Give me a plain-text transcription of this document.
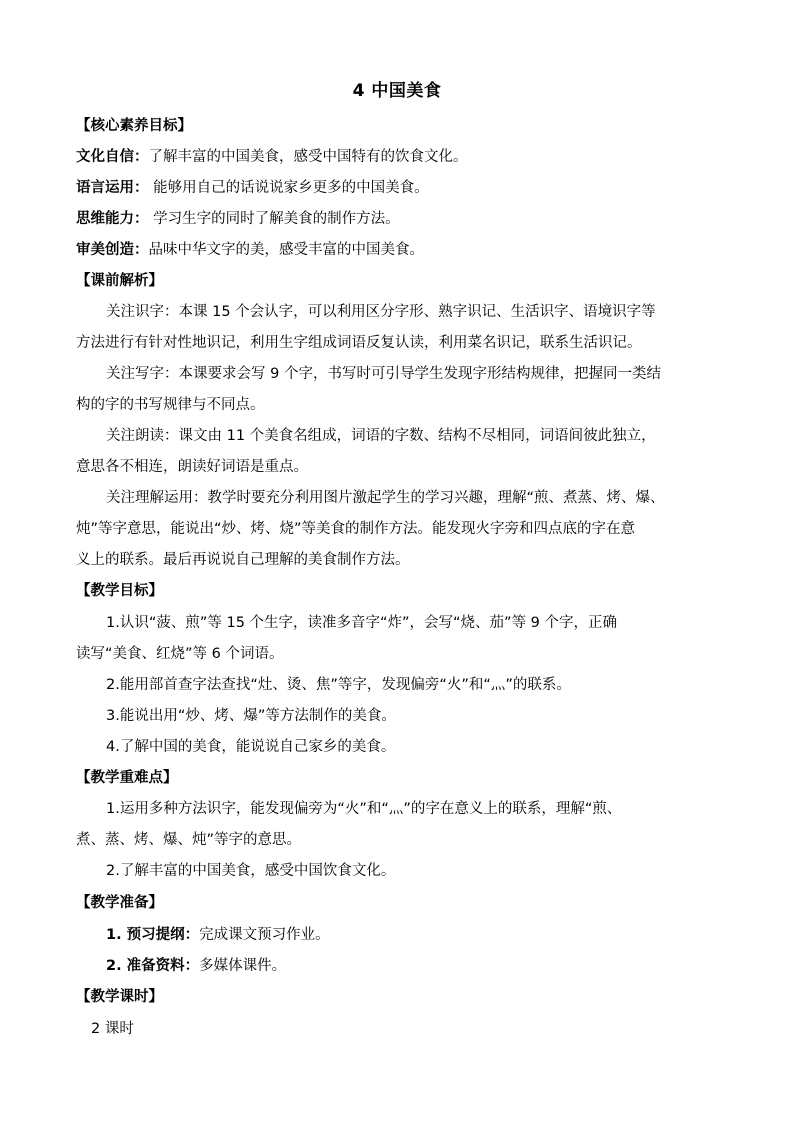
4 中国美食
【核心素养目标】
文化自信：了解丰富的中国美食，感受中国特有的饮食文化。
语言运用： 能够用自己的话说说家乡更多的中国美食。
思维能力： 学习生字的同时了解美食的制作方法。
审美创造：品味中华文字的美，感受丰富的中国美食。
【课前解析】
关注识字：本课 15 个会认字，可以利用区分字形、熟字识记、生活识字、语境识字等
方法进行有针对性地识记，利用生字组成词语反复认读，利用菜名识记，联系生活识记。
关注写字：本课要求会写 9 个字，书写时可引导学生发现字形结构规律，把握同一类结
构的字的书写规律与不同点。
关注朗读：课文由 11 个美食名组成，词语的字数、结构不尽相同，词语间彼此独立，
意思各不相连，朗读好词语是重点。
关注理解运用：教学时要充分利用图片激起学生的学习兴趣，理解“煎、煮蒸、烤、爆、
炖”等字意思，能说出“炒、烤、烧”等美食的制作方法。能发现火字旁和四点底的字在意
义上的联系。最后再说说自己理解的美食制作方法。
【教学目标】
1.认识“菠、煎”等 15 个生字，读准多音字“炸”，会写“烧、茄”等 9 个字，正确
读写“美食、红烧”等 6 个词语。
2.能用部首查字法查找“灶、烫、焦”等字，发现偏旁“火”和“灬”的联系。
3.能说出用“炒、烤、爆”等方法制作的美食。
4.了解中国的美食，能说说自己家乡的美食。
【教学重难点】
1.运用多种方法识字，能发现偏旁为“火”和“灬”的字在意义上的联系，理解“煎、
煮、蒸、烤、爆、炖”等字的意思。
2.了解丰富的中国美食，感受中国饮食文化。
【教学准备】
1. 预习提纲：完成课文预习作业。
2. 准备资料：多媒体课件。
【教学课时】
2 课时
